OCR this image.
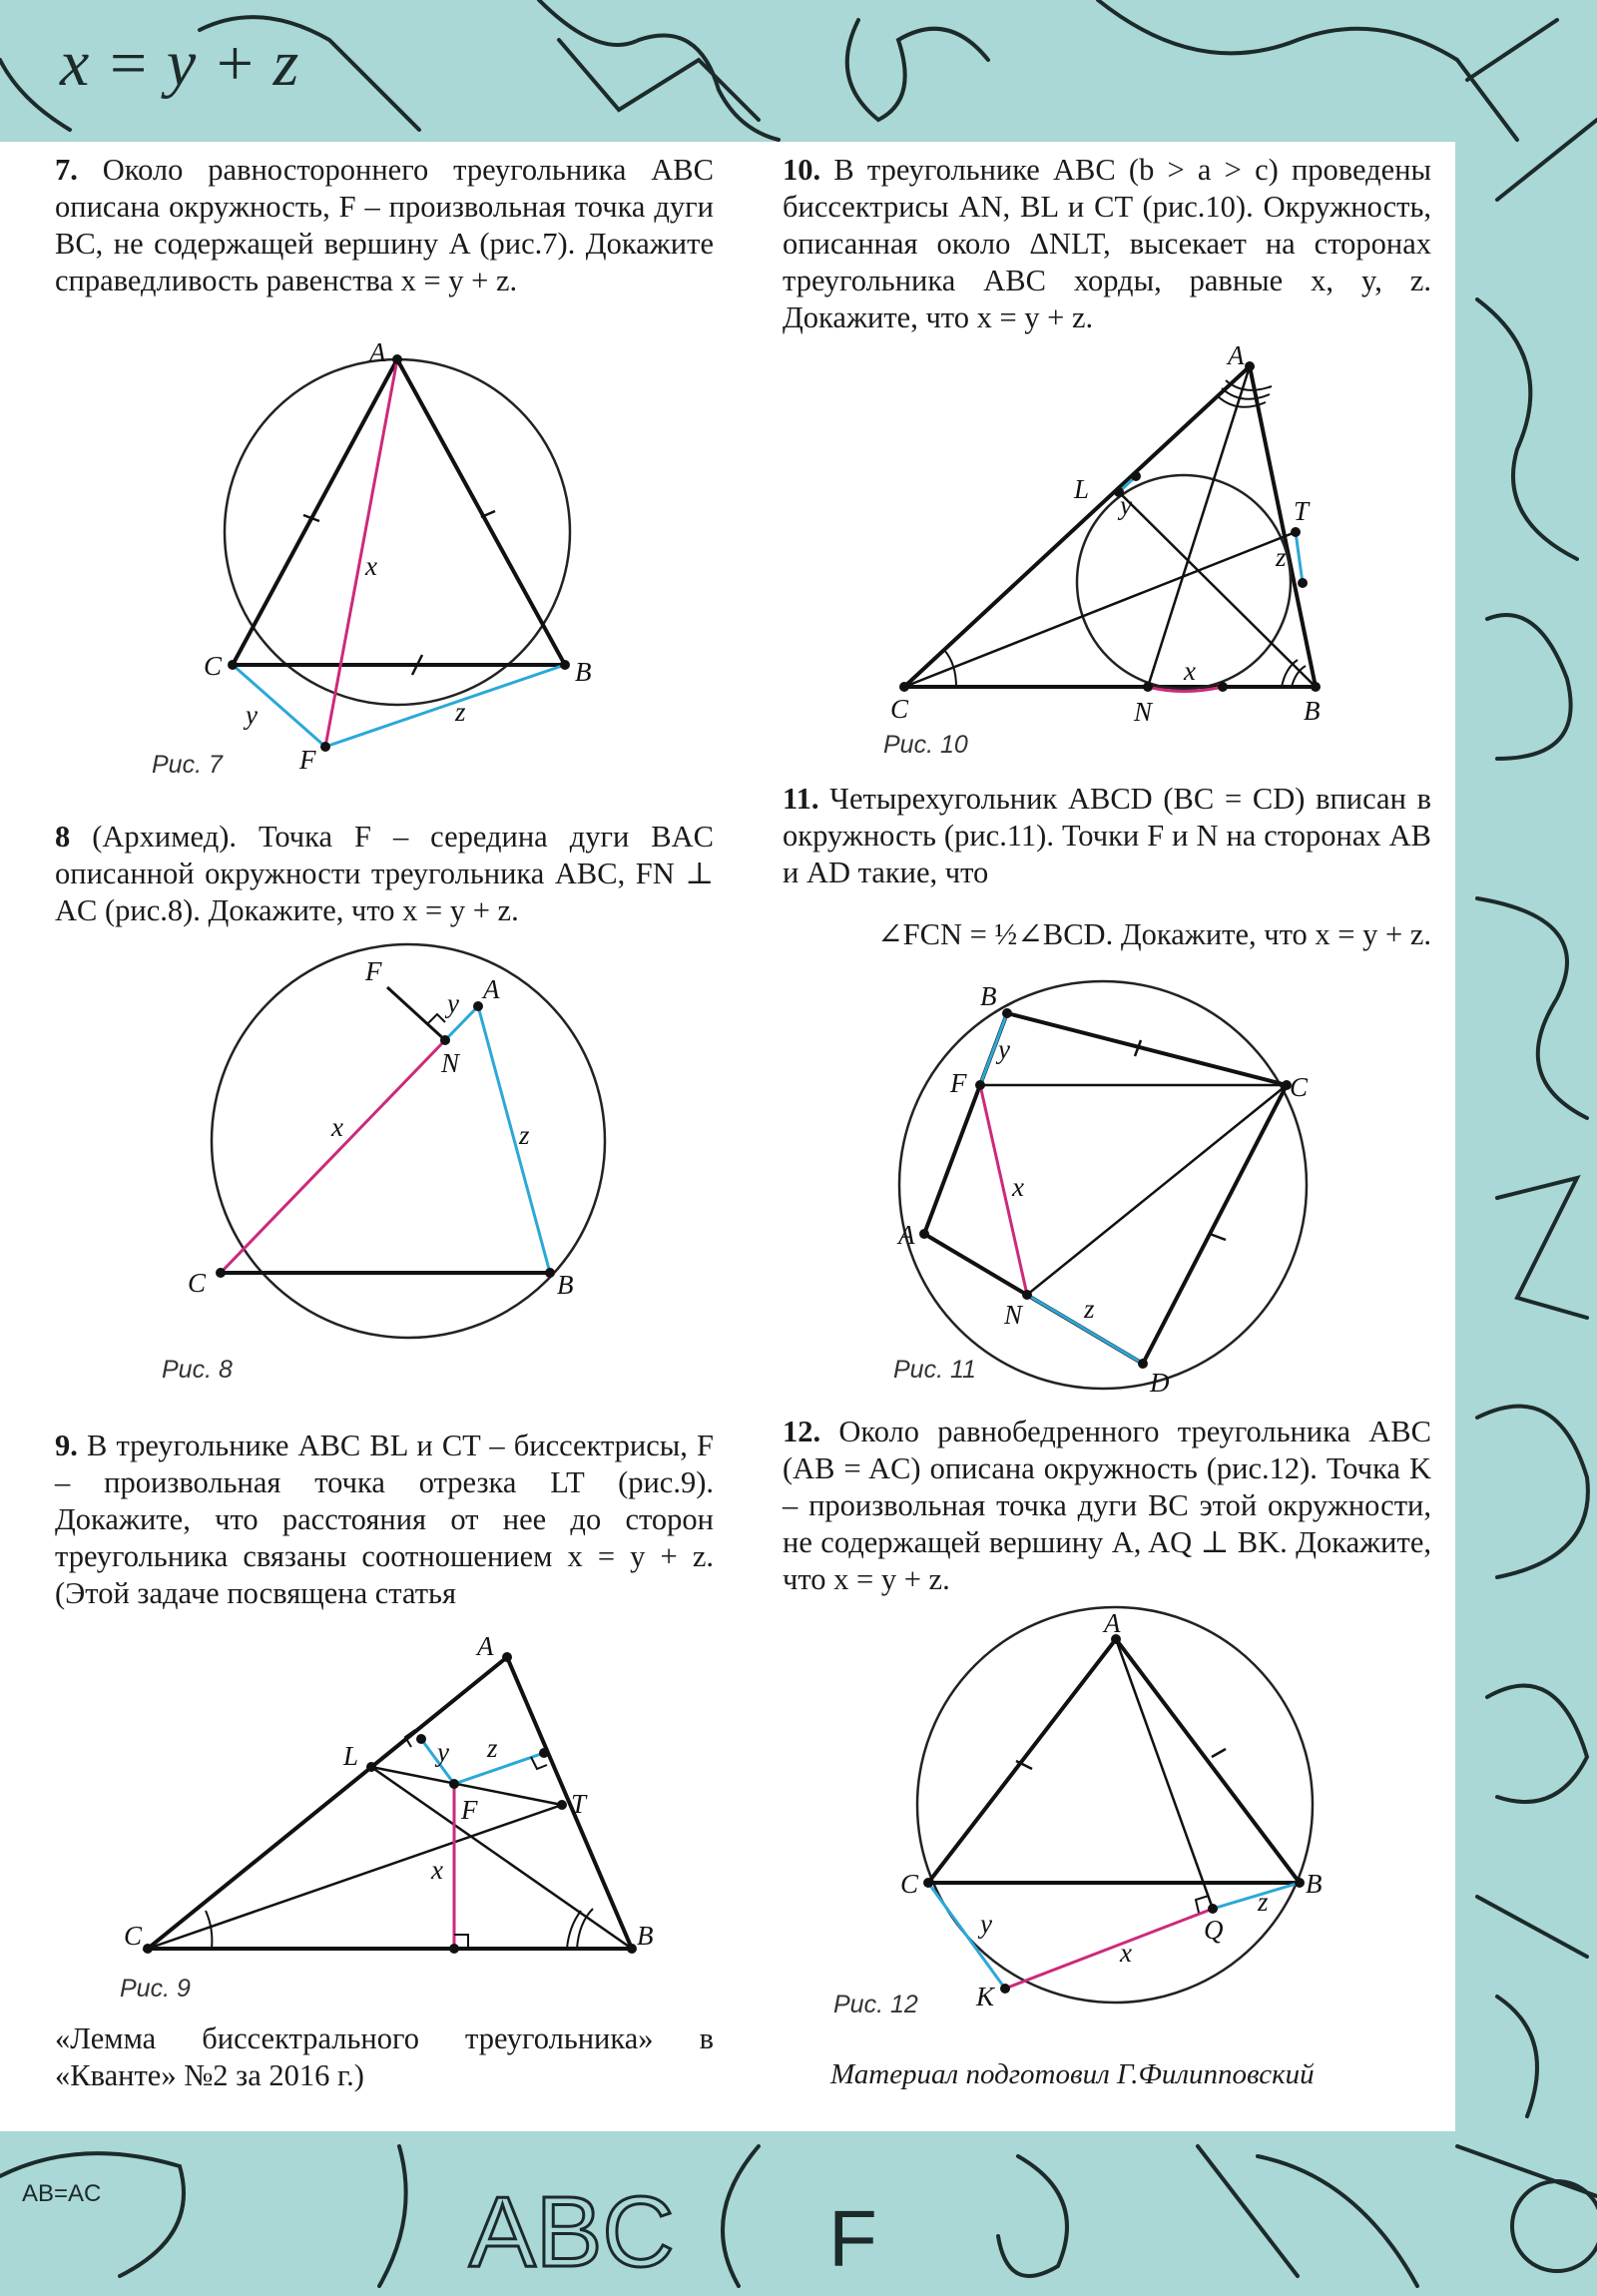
x = y + z
ABC
AB=AC
F
7. Около равностороннего треугольника ABC описана окружность, F – произвольная точка дуги BC, не содержащей вершину A (рис.7). Докажите справедливость равенства x = y + z.
A
C	B
F
x
y	z
Рис. 7
8 (Архимед). Точка F – середина дуги BAC описанной окружности треугольника ABC, FN ⊥ AC (рис.8). Докажите, что x = y + z.
F
A
N
C	B
x
y
z
Рис. 8
9. В треугольнике ABC BL и CT – биссектрисы, F – произвольная точка отрезка LT (рис.9). Докажите, что расстояния от нее до сторон треугольника связаны соотношением x = y + z. (Этой задаче посвящена статья
A
L
T
F
C	B
x
y z
Рис. 9
«Лемма биссектрального треугольника» в «Кванте» №2 за 2016 г.)
10. В треугольнике ABC (b > a > c) проведены биссектрисы AN, BL и CT (рис.10). Окружность, описанная около ΔNLT, высекает на сторонах треугольника ABC хорды, равные x, y, z. Докажите, что x = y + z.
A
L
T
C	N	B
x
y
z
Рис. 10
11. Четырехугольник ABCD (BC = CD) вписан в окружность (рис.11). Точки F и N на сторонах AB и AD такие, что
∠FCN = ½∠BCD. Докажите, что x = y + z.
B
C
F
A
N
D
x
y
z
Рис. 11
12. Около равнобедренного треугольника ABC (AB = AC) описана окружность (рис.12). Точка K – произвольная точка дуги BC этой окружности, не содержащей вершину A, AQ ⊥ BK. Докажите, что x = y + z.
A
C	B
Q
K
x
y
z
Рис. 12
Материал подготовил Г.Филипповский
